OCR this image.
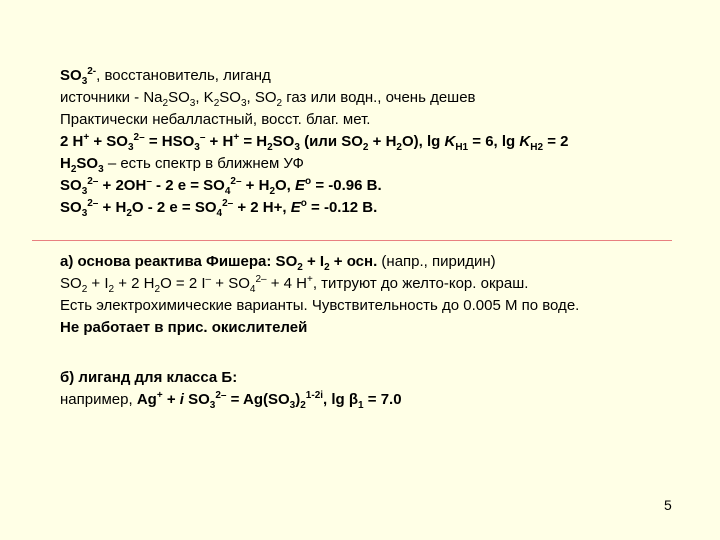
$SO_3^{2-}$, восстановитель, лиганд
источники - $Na_2SO_3$, $K_2SO_3$, $SO_2$ газ или водн., очень дешев
Практически небалластный, восст. благ. мет.
2 $H^+ + SO_3^{2-} = HSO_3^- + H^+ = H_2SO_3$ (или $SO_2 + H_2O$), $\lg K_{H1} = 6$, $\lg K_{H2} = 2$
$H_2SO_3$ – есть спектр в ближнем УФ
$SO_3^{2-} + 2OH^- - 2$ $e = SO_4^{2-} + H_2O$, $E^o = -0.96$ В.
$SO_3^{2-} + H_2O - 2$ $e = SO_4^{2-} + 2$ H+, $E^o = -0.12$ В.
а) основа реактива Фишера: $SO_2 + I_2$ + осн. (напр., пиридин)
$SO_2 + I_2 + 2$ $H_2O = 2$ $I^- + SO_4^{2-} + 4$ H+, титруют до желто-кор. окраш.
Есть электрохимические варианты. Чувствительность до 0.005 М по воде.
Не работает в прис. окислителей
б) лиганд для класса Б:
например, Ag+ + i $SO_3^{2-} = Ag(SO_3)_2^{1-2i}$, $\lg \beta_1 = 7.0$
5
